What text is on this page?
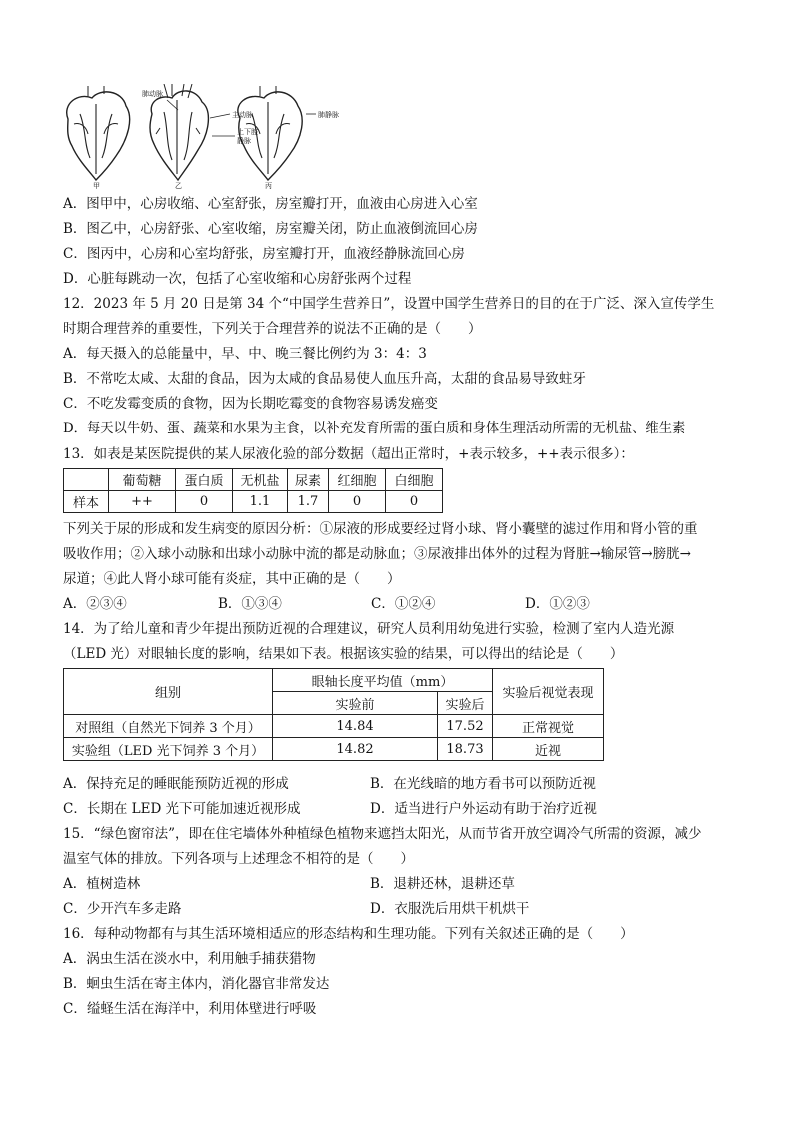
肺动脉
主动脉
上下腔静脉
肺静脉
甲	乙	丙
A．图甲中，心房收缩、心室舒张，房室瓣打开，血液由心房进入心室
B．图乙中，心房舒张、心室收缩，房室瓣关闭，防止血液倒流回心房
C．图丙中，心房和心室均舒张，房室瓣打开，血液经静脉流回心房
D．心脏每跳动一次，包括了心室收缩和心房舒张两个过程
12．2023 年 5 月 20 日是第 34 个“中国学生营养日”，设置中国学生营养日的目的在于广泛、深入宣传学生
时期合理营养的重要性，下列关于合理营养的说法不正确的是（　　）
A．每天摄入的总能量中，早、中、晚三餐比例约为 3：4：3
B．不常吃太咸、太甜的食品，因为太咸的食品易使人血压升高，太甜的食品易导致蛀牙
C．不吃发霉变质的食物，因为长期吃霉变的食物容易诱发癌变
D．每天以牛奶、蛋、蔬菜和水果为主食，以补充发育所需的蛋白质和身体生理活动所需的无机盐、维生素
13．如表是某医院提供的某人尿液化验的部分数据（超出正常时，+表示较多，++表示很多）：
	葡萄糖	蛋白质	无机盐	尿素	红细胞	白细胞
样本	++	0	1.1	1.7	0	0
下列关于尿的形成和发生病变的原因分析：①尿液的形成要经过肾小球、肾小囊壁的滤过作用和肾小管的重
吸收作用；②入球小动脉和出球小动脉中流的都是动脉血；③尿液排出体外的过程为肾脏→输尿管→膀胱→
尿道；④此人肾小球可能有炎症，其中正确的是（　　）
A．②③④	B．①③④	C．①②④	D．①②③
14．为了给儿童和青少年提出预防近视的合理建议，研究人员利用幼兔进行实验，检测了室内人造光源
（LED 光）对眼轴长度的影响，结果如下表。根据该实验的结果，可以得出的结论是（　　）
组别	眼轴长度平均值（mm）		实验后视觉表现
	实验前	实验后	
对照组（自然光下饲养 3 个月）	14.84	17.52	正常视觉
实验组（LED 光下饲养 3 个月）	14.82	18.73	近视
A．保持充足的睡眠能预防近视的形成	B．在光线暗的地方看书可以预防近视
C．长期在 LED 光下可能加速近视形成	D．适当进行户外运动有助于治疗近视
15．“绿色窗帘法”，即在住宅墙体外种植绿色植物来遮挡太阳光，从而节省开放空调冷气所需的资源，减少
温室气体的排放。下列各项与上述理念不相符的是（　　）
A．植树造林	B．退耕还林，退耕还草
C．少开汽车多走路	D．衣服洗后用烘干机烘干
16．每种动物都有与其生活环境相适应的形态结构和生理功能。下列有关叙述正确的是（　　）
A．涡虫生活在淡水中，利用触手捕获猎物
B．蛔虫生活在寄主体内，消化器官非常发达
C．缢蛏生活在海洋中，利用体壁进行呼吸
